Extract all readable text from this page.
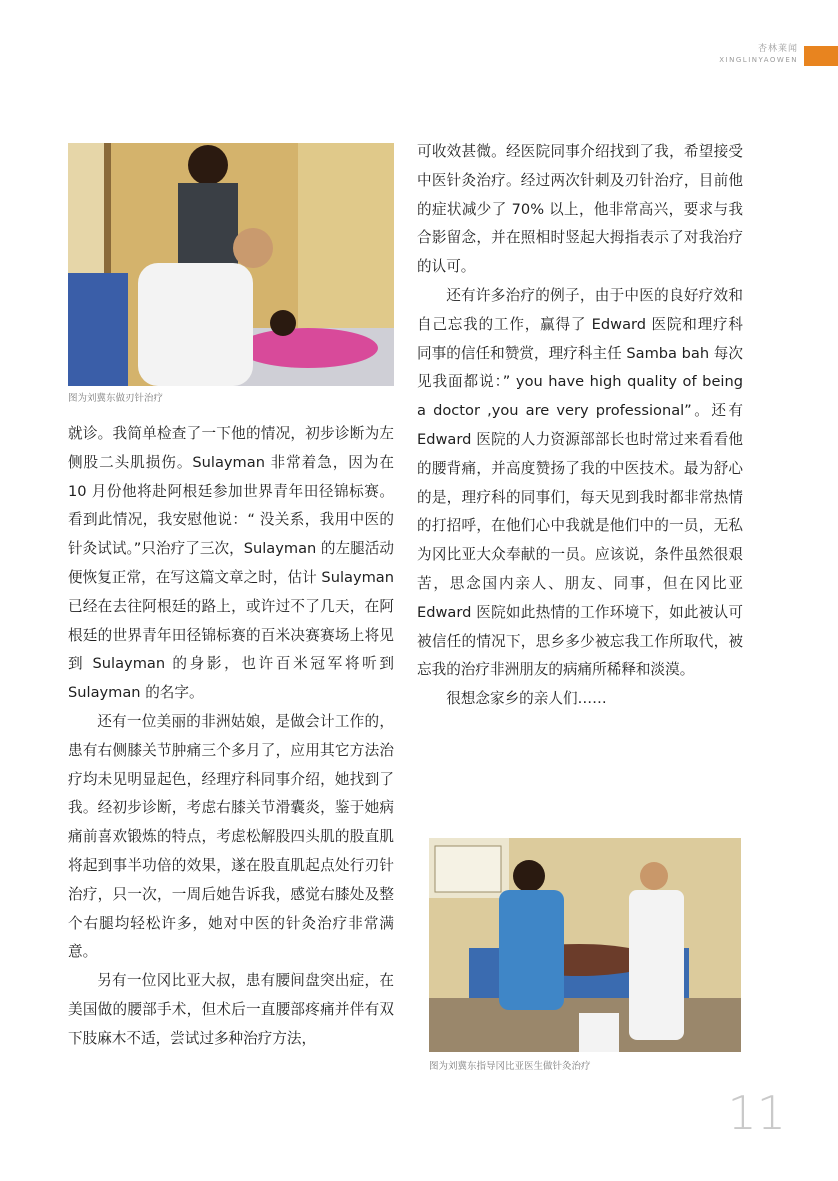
杏林莱闻
XINGLINYAOWEN
图为刘冀东做刃针治疗

就诊。我简单检查了一下他的情况，初步诊断为左侧股二头肌损伤。Sulayman 非常着急，因为在 10 月份他将赴阿根廷参加世界青年田径锦标赛。看到此情况，我安慰他说：“ 没关系，我用中医的针灸试试。”只治疗了三次，Sulayman 的左腿活动便恢复正常，在写这篇文章之时，估计 Sulayman 已经在去往阿根廷的路上，或许过不了几天，在阿根廷的世界青年田径锦标赛的百米决赛赛场上将见到 Sulayman 的身影，也许百米冠军将听到 Sulayman 的名字。

还有一位美丽的非洲姑娘，是做会计工作的，患有右侧膝关节肿痛三个多月了，应用其它方法治疗均未见明显起色，经理疗科同事介绍，她找到了我。经初步诊断，考虑右膝关节滑囊炎，鉴于她病痛前喜欢锻炼的特点，考虑松解股四头肌的股直肌将起到事半功倍的效果，遂在股直肌起点处行刃针治疗，只一次，一周后她告诉我，感觉右膝处及整个右腿均轻松许多，她对中医的针灸治疗非常满意。

另有一位冈比亚大叔，患有腰间盘突出症，在美国做的腰部手术，但术后一直腰部疼痛并伴有双下肢麻木不适，尝试过多种治疗方法，

可收效甚微。经医院同事介绍找到了我，希望接受中医针灸治疗。经过两次针刺及刃针治疗，目前他的症状减少了 70% 以上，他非常高兴，要求与我合影留念，并在照相时竖起大拇指表示了对我治疗的认可。

还有许多治疗的例子，由于中医的良好疗效和自己忘我的工作，赢得了 Edward 医院和理疗科同事的信任和赞赏，理疗科主任 Samba bah 每次见我面都说：” you have high quality of being a doctor ,you are very professional”。还有 Edward 医院的人力资源部部长也时常过来看看他的腰背痛，并高度赞扬了我的中医技术。最为舒心的是，理疗科的同事们，每天见到我时都非常热情的打招呼，在他们心中我就是他们中的一员，无私为冈比亚大众奉献的一员。应该说，条件虽然很艰苦，思念国内亲人、朋友、同事，但在冈比亚 Edward 医院如此热情的工作环境下，如此被认可被信任的情况下，思乡多少被忘我工作所取代，被忘我的治疗非洲朋友的病痛所稀释和淡漠。

很想念家乡的亲人们……

图为刘冀东指导冈比亚医生做针灸治疗
11
